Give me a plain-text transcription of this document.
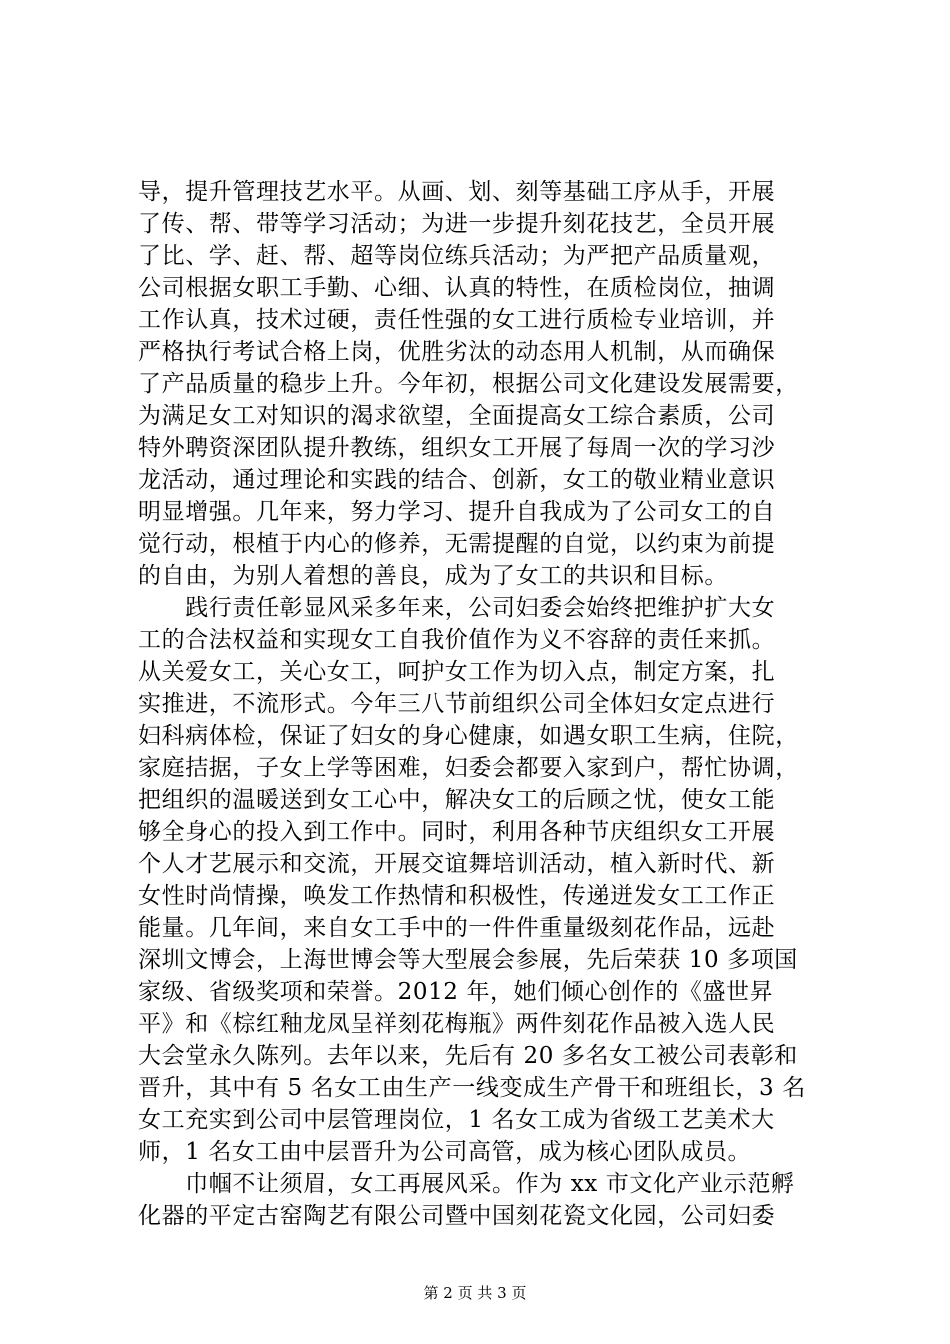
导，提升管理技艺水平。从画、划、刻等基础工序从手，开展
了传、帮、带等学习活动；为进一步提升刻花技艺，全员开展
了比、学、赶、帮、超等岗位练兵活动；为严把产品质量观，
公司根据女职工手勤、心细、认真的特性，在质检岗位，抽调
工作认真，技术过硬，责任性强的女工进行质检专业培训，并
严格执行考试合格上岗，优胜劣汰的动态用人机制，从而确保
了产品质量的稳步上升。今年初，根据公司文化建设发展需要，
为满足女工对知识的渴求欲望，全面提高女工综合素质，公司
特外聘资深团队提升教练，组织女工开展了每周一次的学习沙
龙活动，通过理论和实践的结合、创新，女工的敬业精业意识
明显增强。几年来，努力学习、提升自我成为了公司女工的自
觉行动，根植于内心的修养，无需提醒的自觉，以约束为前提
的自由，为别人着想的善良，成为了女工的共识和目标。
　　践行责任彰显风采多年来，公司妇委会始终把维护扩大女
工的合法权益和实现女工自我价值作为义不容辞的责任来抓。
从关爱女工，关心女工，呵护女工作为切入点，制定方案，扎
实推进，不流形式。今年三八节前组织公司全体妇女定点进行
妇科病体检，保证了妇女的身心健康，如遇女职工生病，住院，
家庭拮据，子女上学等困难，妇委会都要入家到户，帮忙协调，
把组织的温暖送到女工心中，解决女工的后顾之忧，使女工能
够全身心的投入到工作中。同时，利用各种节庆组织女工开展
个人才艺展示和交流，开展交谊舞培训活动，植入新时代、新
女性时尚情操，唤发工作热情和积极性，传递迸发女工工作正
能量。几年间，来自女工手中的一件件重量级刻花作品，远赴
深圳文博会，上海世博会等大型展会参展，先后荣获 10 多项国
家级、省级奖项和荣誉。2012 年，她们倾心创作的《盛世昇
平》和《棕红釉龙凤呈祥刻花梅瓶》两件刻花作品被入选人民
大会堂永久陈列。去年以来，先后有 20 多名女工被公司表彰和
晋升，其中有 5 名女工由生产一线变成生产骨干和班组长，3 名
女工充实到公司中层管理岗位，1 名女工成为省级工艺美术大
师，1 名女工由中层晋升为公司高管，成为核心团队成员。
　　巾帼不让须眉，女工再展风采。作为 xx 市文化产业示范孵
化器的平定古窑陶艺有限公司暨中国刻花瓷文化园，公司妇委
第 2 页 共 3 页
